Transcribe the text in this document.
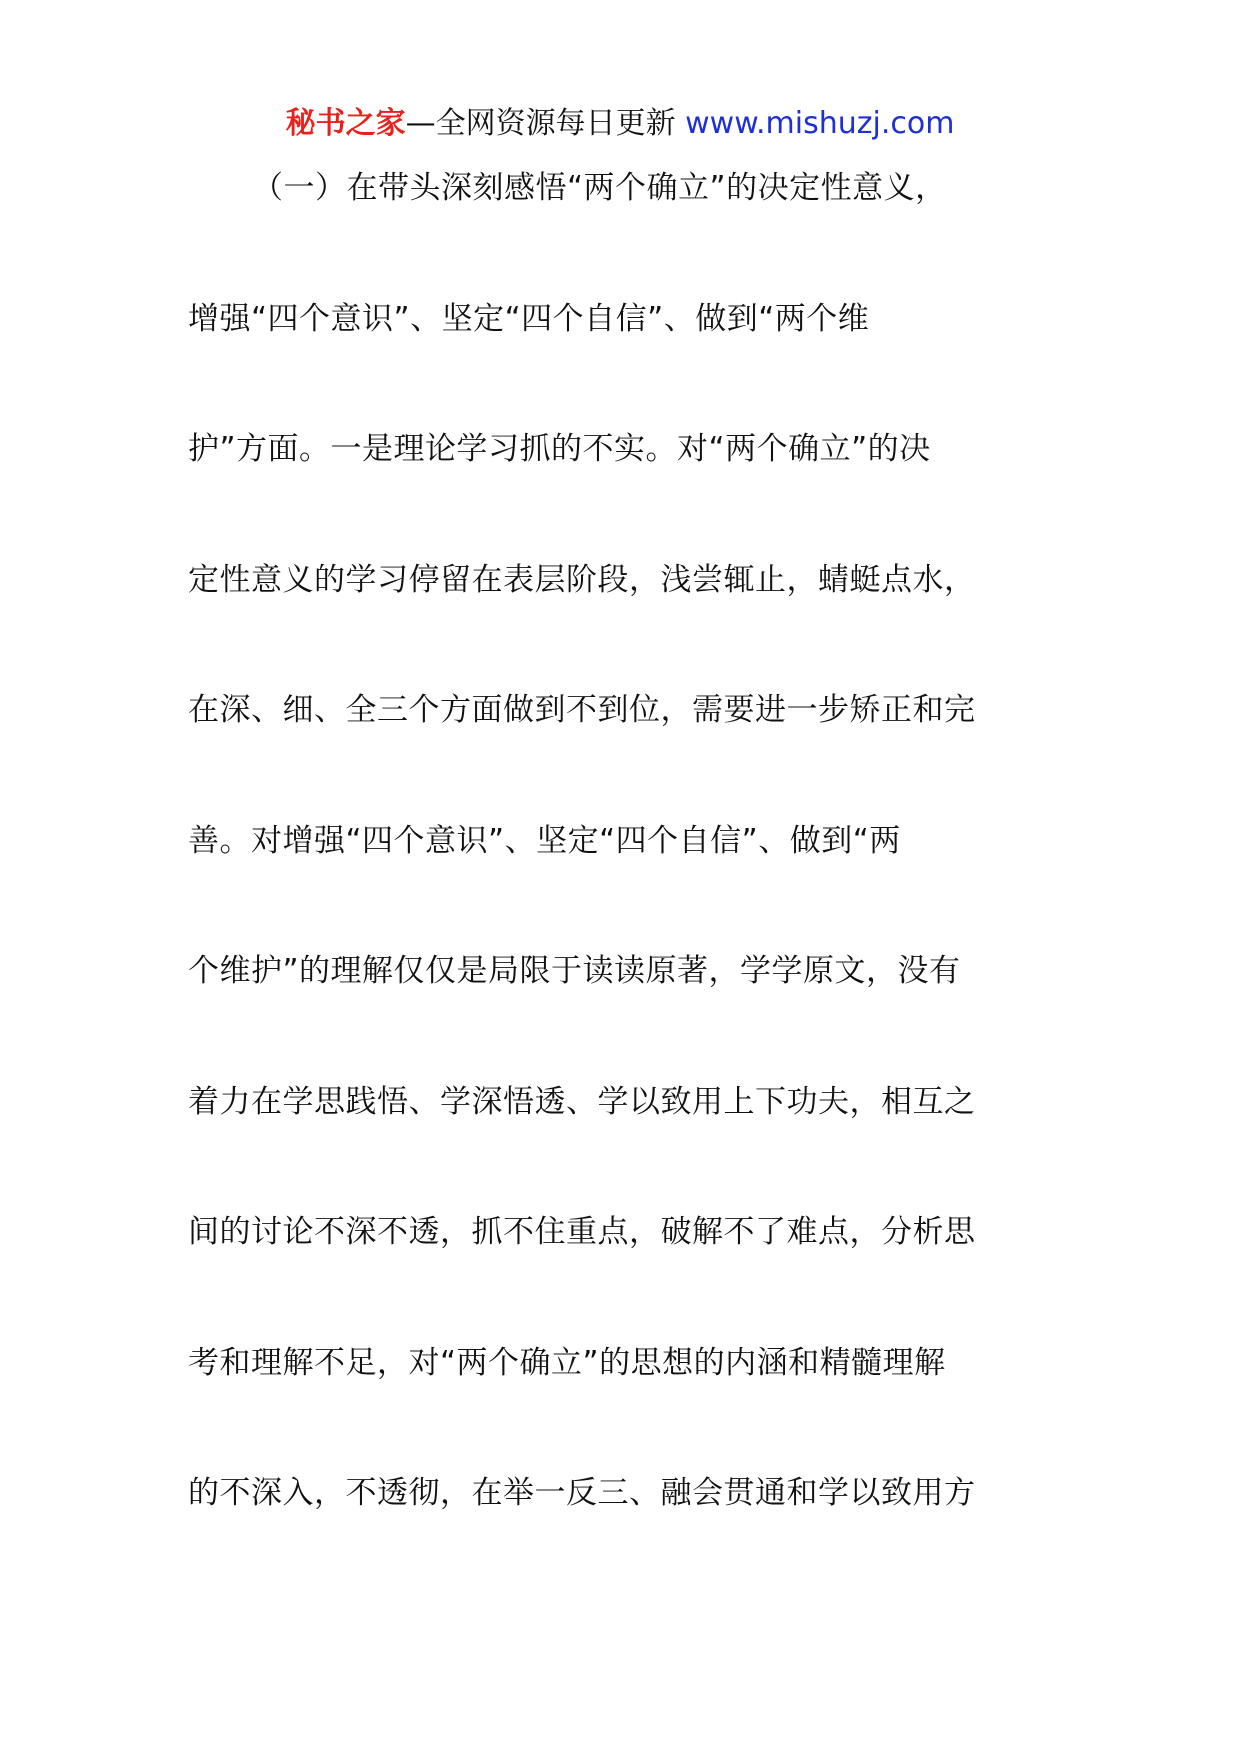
秘书之家—全网资源每日更新 www.mishuzj.com
（一）在带头深刻感悟“两个确立”的决定性意义，
增强“四个意识”、坚定“四个自信”、做到“两个维
护”方面。一是理论学习抓的不实。对“两个确立”的决
定性意义的学习停留在表层阶段，浅尝辄止，蜻蜓点水，
在深、细、全三个方面做到不到位，需要进一步矫正和完
善。对增强“四个意识”、坚定“四个自信”、做到“两
个维护”的理解仅仅是局限于读读原著，学学原文，没有
着力在学思践悟、学深悟透、学以致用上下功夫，相互之
间的讨论不深不透，抓不住重点，破解不了难点，分析思
考和理解不足，对“两个确立”的思想的内涵和精髓理解
的不深入，不透彻，在举一反三、融会贯通和学以致用方
